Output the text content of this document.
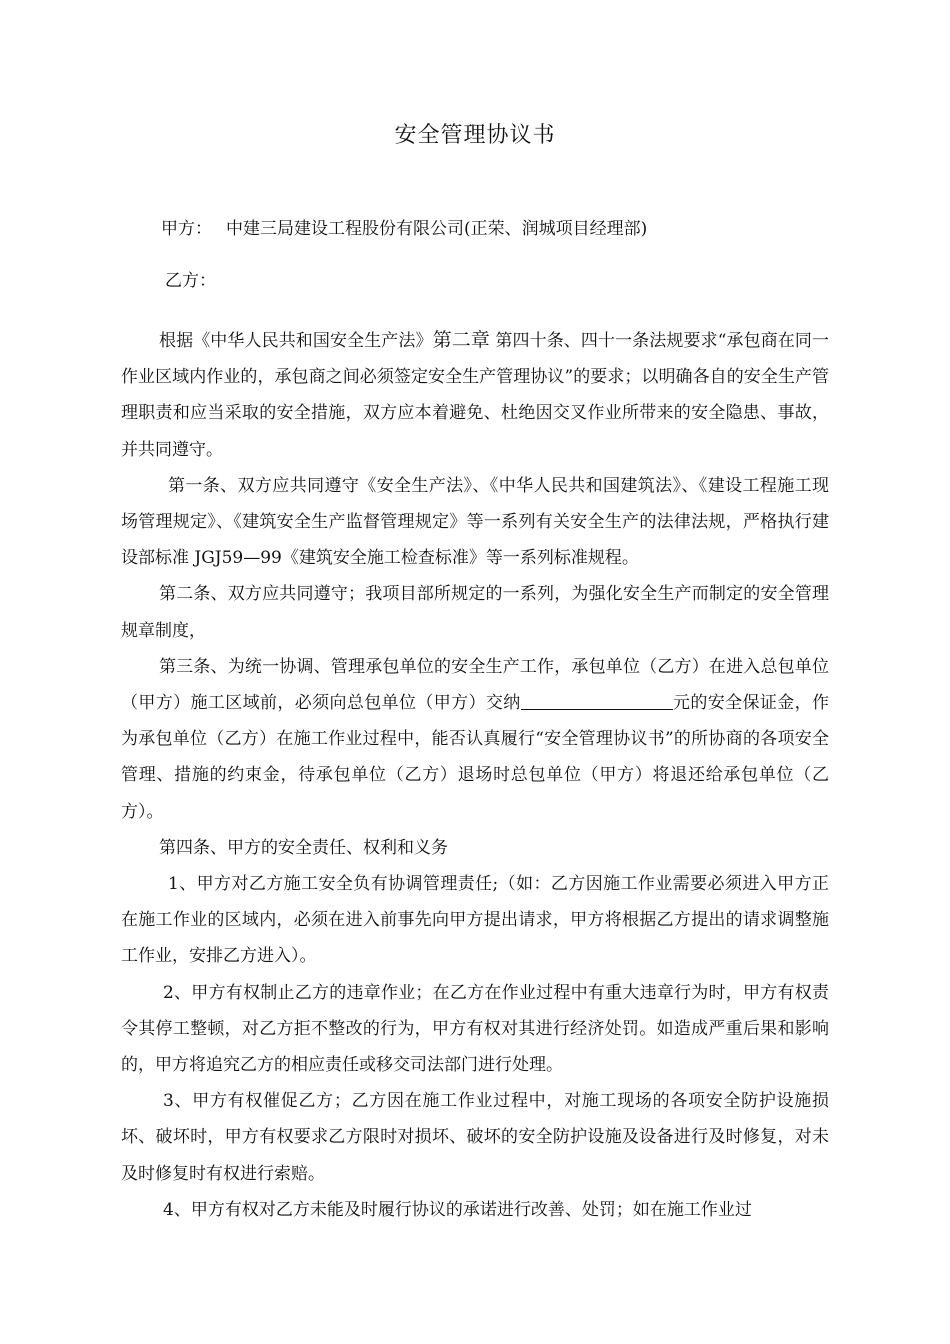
安全管理协议书
甲方： 中建三局建设工程股份有限公司(正荣、润城项目经理部)
乙方：

根据《中华人民共和国安全生产法》第二章 第四十条、四十一条法规要求“承包商在同一作业区域内作业的，承包商之间必须签定安全生产管理协议”的要求；以明确各自的安全生产管理职责和应当采取的安全措施，双方应本着避免、杜绝因交叉作业所带来的安全隐患、事故，并共同遵守。

第一条、双方应共同遵守《安全生产法》、《中华人民共和国建筑法》、《建设工程施工现场管理规定》、《建筑安全生产监督管理规定》等一系列有关安全生产的法律法规，严格执行建设部标准 JGJ59—99《建筑安全施工检查标准》等一系列标准规程。

第二条、双方应共同遵守；我项目部所规定的一系列，为强化安全生产而制定的安全管理规章制度，

第三条、为统一协调、管理承包单位的安全生产工作，承包单位（乙方）在进入总包单位（甲方）施工区域前，必须向总包单位（甲方）交纳	元的安全保证金，作为承包单位（乙方）在施工作业过程中，能否认真履行“安全管理协议书”的所协商的各项安全管理、措施的约束金，待承包单位（乙方）退场时总包单位（甲方）将退还给承包单位（乙方）。

第四条、甲方的安全责任、权利和义务

1、甲方对乙方施工安全负有协调管理责任;（如：乙方因施工作业需要必须进入甲方正在施工作业的区域内，必须在进入前事先向甲方提出请求，甲方将根据乙方提出的请求调整施工作业，安排乙方进入）。

2、甲方有权制止乙方的违章作业；在乙方在作业过程中有重大违章行为时，甲方有权责令其停工整顿，对乙方拒不整改的行为，甲方有权对其进行经济处罚。如造成严重后果和影响的，甲方将追究乙方的相应责任或移交司法部门进行处理。

3、甲方有权催促乙方；乙方因在施工作业过程中，对施工现场的各项安全防护设施损坏、破坏时，甲方有权要求乙方限时对损坏、破坏的安全防护设施及设备进行及时修复，对未及时修复时有权进行索赔。

4、甲方有权对乙方未能及时履行协议的承诺进行改善、处罚；如在施工作业过
